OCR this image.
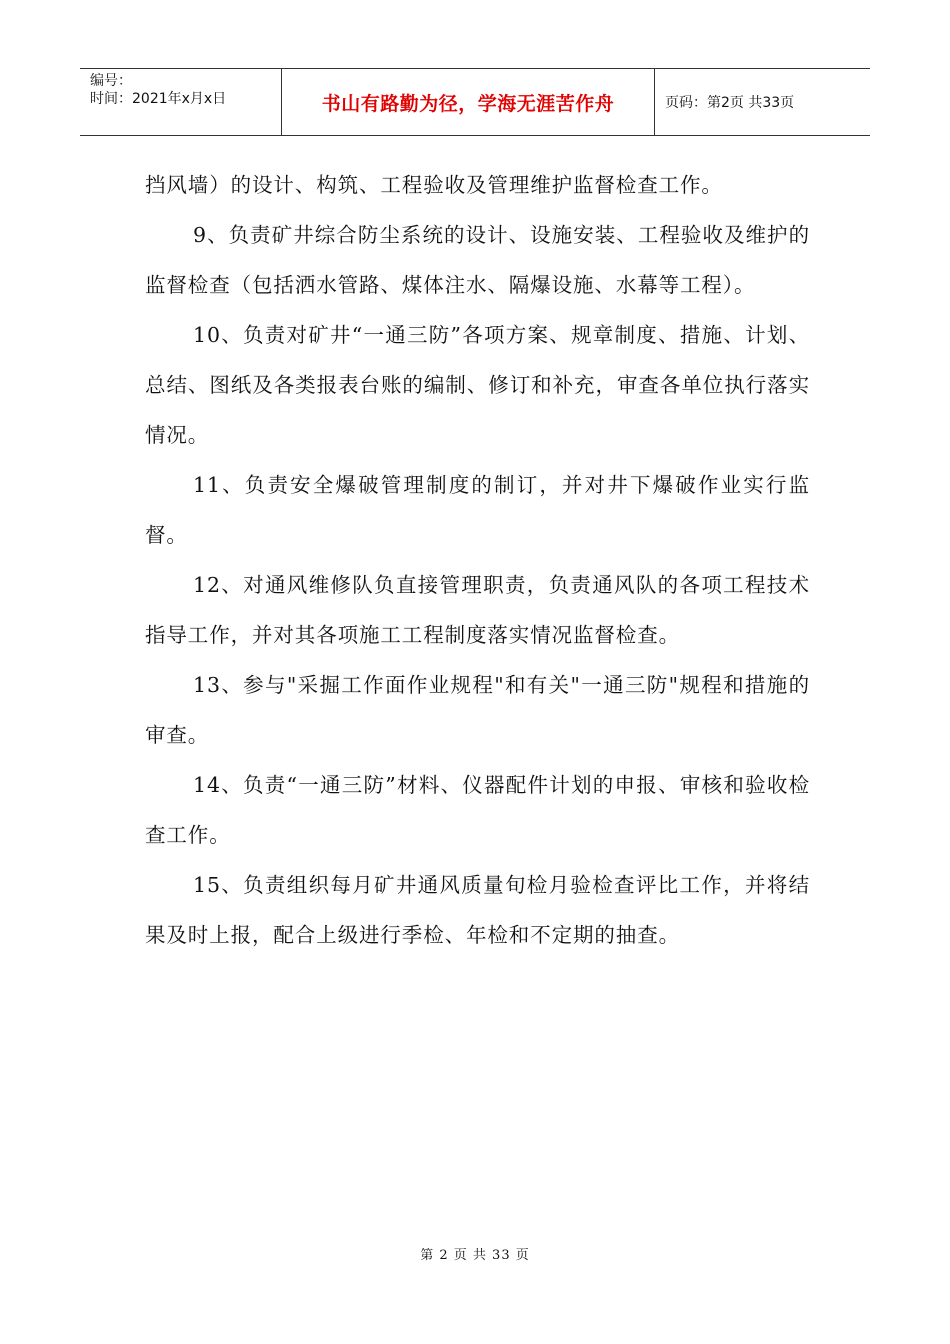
编号：
时间：2021年x月x日	书山有路勤为径，学海无涯苦作舟	页码：第2页 共33页

挡风墙）的设计、构筑、工程验收及管理维护监督检查工作。

9、负责矿井综合防尘系统的设计、设施安装、工程验收及维护的监督检查（包括洒水管路、煤体注水、隔爆设施、水幕等工程）。

10、负责对矿井“一通三防”各项方案、规章制度、措施、计划、总结、图纸及各类报表台账的编制、修订和补充，审查各单位执行落实情况。

11、负责安全爆破管理制度的制订，并对井下爆破作业实行监督。

12、对通风维修队负直接管理职责，负责通风队的各项工程技术指导工作，并对其各项施工工程制度落实情况监督检查。

13、参与"采掘工作面作业规程"和有关"一通三防"规程和措施的审查。

14、负责“一通三防”材料、仪器配件计划的申报、审核和验收检查工作。

15、负责组织每月矿井通风质量旬检月验检查评比工作，并将结果及时上报，配合上级进行季检、年检和不定期的抽查。

第 2 页 共 33 页
